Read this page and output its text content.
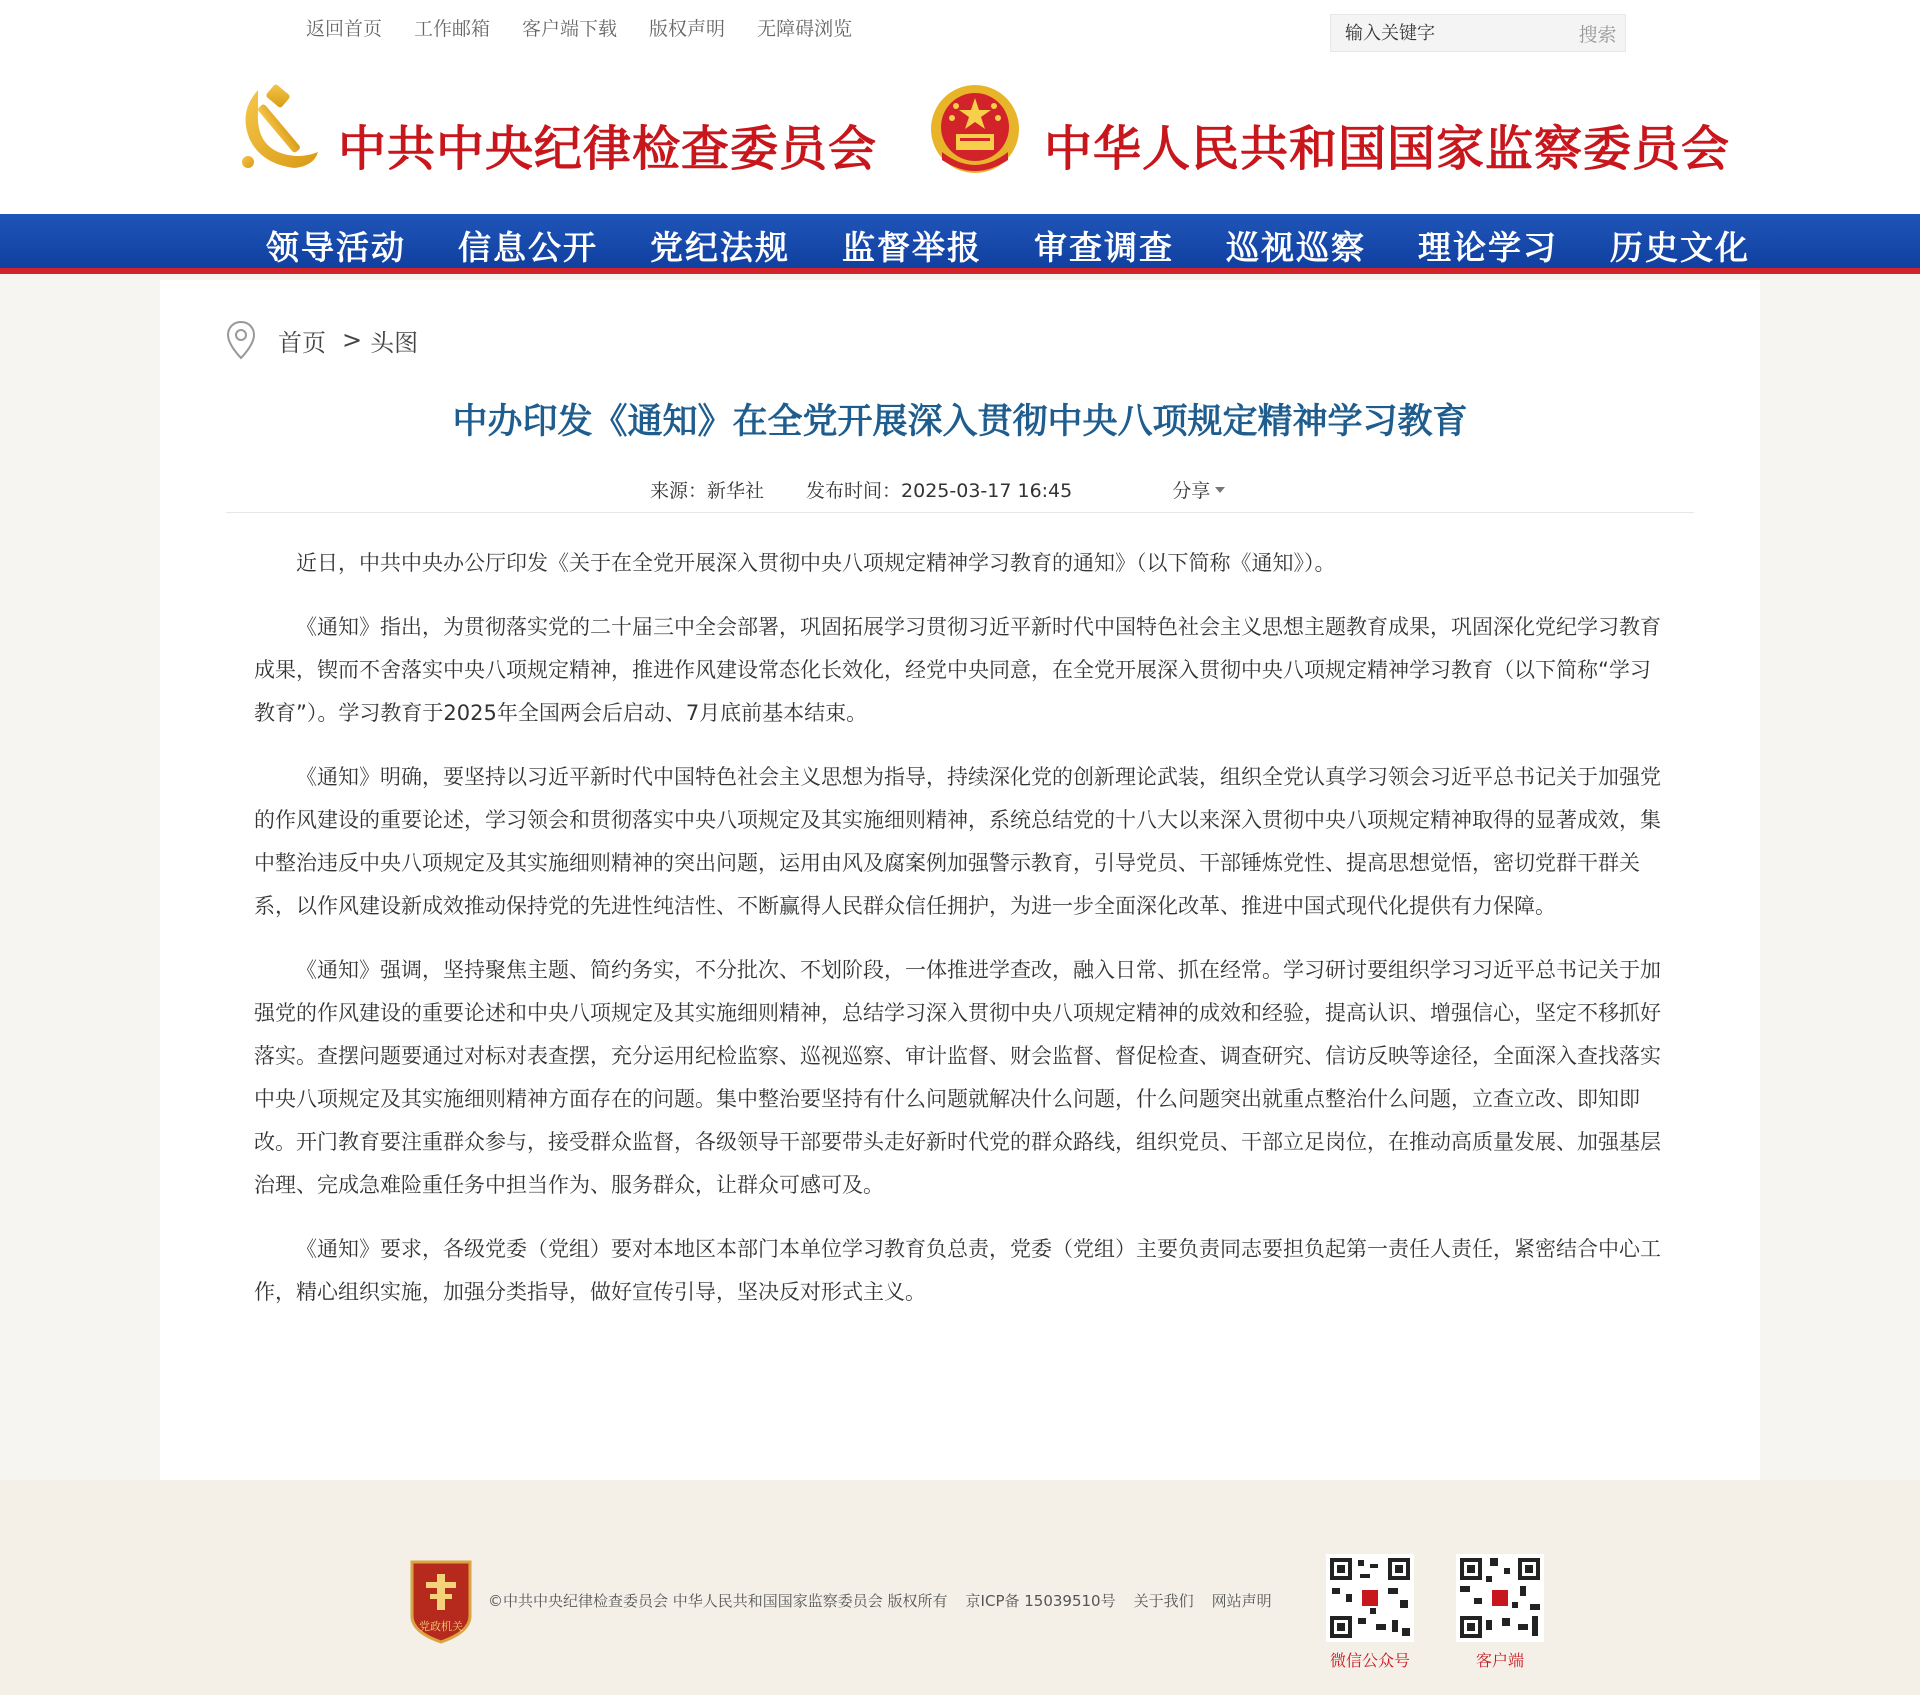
返回首页 工作邮箱 客户端下载 版权声明 无障碍浏览
输入关键字	搜索
中共中央纪律检查委员会	中华人民共和国国家监察委员会
领导活动 信息公开 党纪法规 监督举报 审查调查 巡视巡察 理论学习 历史文化
首页 > 头图
中办印发《通知》在全党开展深入贯彻中央八项规定精神学习教育
来源：新华社 发布时间：2025-03-17 16:45	分享

近日，中共中央办公厅印发《关于在全党开展深入贯彻中央八项规定精神学习教育的通知》（以下简称《通知》）。

《通知》指出，为贯彻落实党的二十届三中全会部署，巩固拓展学习贯彻习近平新时代中国特色社会主义思想主题教育成果，巩固深化党纪学习教育成果，锲而不舍落实中央八项规定精神，推进作风建设常态化长效化，经党中央同意，在全党开展深入贯彻中央八项规定精神学习教育（以下简称“学习教育”）。学习教育于2025年全国两会后启动、7月底前基本结束。

《通知》明确，要坚持以习近平新时代中国特色社会主义思想为指导，持续深化党的创新理论武装，组织全党认真学习领会习近平总书记关于加强党的作风建设的重要论述，学习领会和贯彻落实中央八项规定及其实施细则精神，系统总结党的十八大以来深入贯彻中央八项规定精神取得的显著成效，集中整治违反中央八项规定及其实施细则精神的突出问题，运用由风及腐案例加强警示教育，引导党员、干部锤炼党性、提高思想觉悟，密切党群干群关系，以作风建设新成效推动保持党的先进性纯洁性、不断赢得人民群众信任拥护，为进一步全面深化改革、推进中国式现代化提供有力保障。

《通知》强调，坚持聚焦主题、简约务实，不分批次、不划阶段，一体推进学查改，融入日常、抓在经常。学习研讨要组织学习习近平总书记关于加强党的作风建设的重要论述和中央八项规定及其实施细则精神，总结学习深入贯彻中央八项规定精神的成效和经验，提高认识、增强信心，坚定不移抓好落实。查摆问题要通过对标对表查摆，充分运用纪检监察、巡视巡察、审计监督、财会监督、督促检查、调查研究、信访反映等途径，全面深入查找落实中央八项规定及其实施细则精神方面存在的问题。集中整治要坚持有什么问题就解决什么问题，什么问题突出就重点整治什么问题，立查立改、即知即改。开门教育要注重群众参与，接受群众监督，各级领导干部要带头走好新时代党的群众路线，组织党员、干部立足岗位，在推动高质量发展、加强基层治理、完成急难险重任务中担当作为、服务群众，让群众可感可及。

《通知》要求，各级党委（党组）要对本地区本部门本单位学习教育负总责，党委（党组）主要负责同志要担负起第一责任人责任，紧密结合中心工作，精心组织实施，加强分类指导，做好宣传引导，坚决反对形式主义。

党政机关
©中共中央纪律检查委员会 中华人民共和国国家监察委员会 版权所有 京ICP备 15039510号 关于我们 网站声明
微信公众号	客户端
